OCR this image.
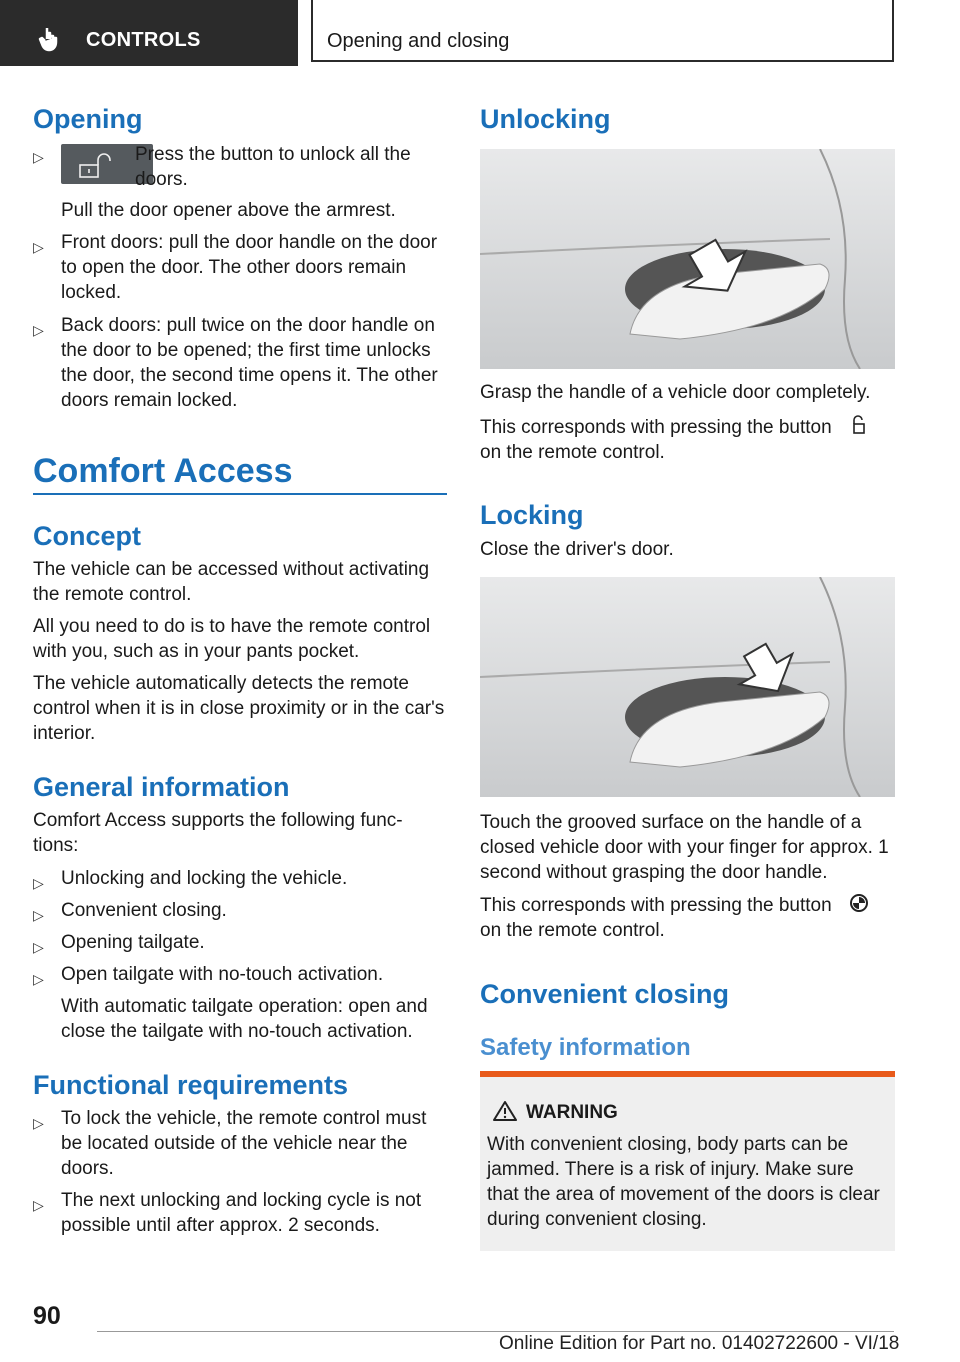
CONTROLS	Opening and closing
Opening
▷	Press the button to unlock all the doors.
Pull the door opener above the armrest.
▷ Front doors: pull the door handle on the door to open the door. The other doors remain locked.
▷ Back doors: pull twice on the door handle on the door to be opened; the first time unlocks the door, the second time opens it. The other doors remain locked.
Comfort Access
Concept
The vehicle can be accessed without activating the remote control.
All you need to do is to have the remote control with you, such as in your pants pocket.
The vehicle automatically detects the remote control when it is in close proximity or in the car's interior.
General information
Comfort Access supports the following func‐ tions:
▷ Unlocking and locking the vehicle.
▷ Convenient closing.
▷ Opening tailgate.
▷ Open tailgate with no-touch activation.
With automatic tailgate operation: open and close the tailgate with no-touch activation.
Functional requirements
▷ To lock the vehicle, the remote control must be located outside of the vehicle near the doors.
▷ The next unlocking and locking cycle is not possible until after approx. 2 seconds.
Unlocking
Grasp the handle of a vehicle door completely.
This corresponds with pressing the button
on the remote control.
Locking
Close the driver's door.
Touch the grooved surface on the handle of a closed vehicle door with your finger for approx. 1 second without grasping the door handle.
This corresponds with pressing the button
on the remote control.
Convenient closing
Safety information
WARNING
With convenient closing, body parts can be jammed. There is a risk of injury. Make sure that the area of movement of the doors is clear during convenient closing.
90
Online Edition for Part no. 01402722600 - VI/18
